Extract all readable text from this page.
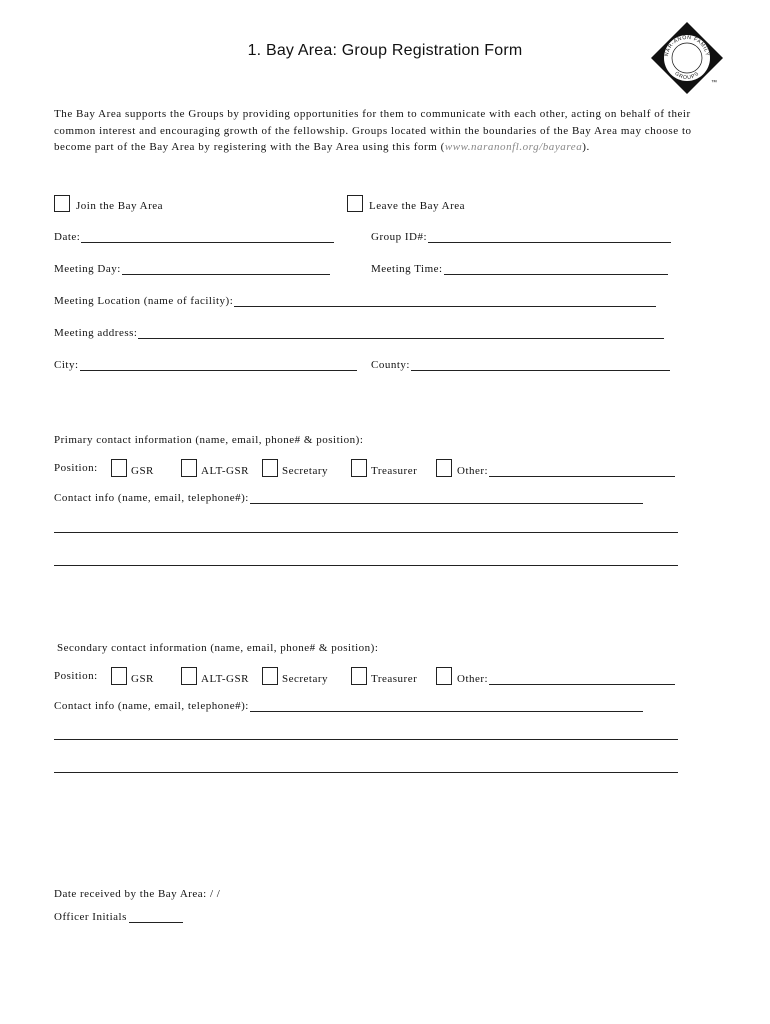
1. Bay Area: Group Registration Form	NAR-ANON FAMILY
GROUPS
™
The Bay Area supports the Groups by providing opportunities for them to communicate with each other, acting on behalf of their common interest and encouraging growth of the fellowship. Groups located within the boundaries of the Bay Area may choose to become part of the Bay Area by registering with the Bay Area using this form (www.naranonfl.org/bayarea).
Join the Bay Area	Leave the Bay Area
Date:	Group ID#:
Meeting Day:	Meeting Time:
Meeting Location (name of facility):
Meeting address:
City:	County:
Primary contact information (name, email, phone# & position):
Position:	GSR	ALT-GSR	Secretary	Treasurer	Other:
Contact info (name, email, telephone#):
Secondary contact information (name, email, phone# & position):
Position:	GSR	ALT-GSR	Secretary	Treasurer	Other:
Contact info (name, email, telephone#):
Date received by the Bay Area: / /
Officer Initials
